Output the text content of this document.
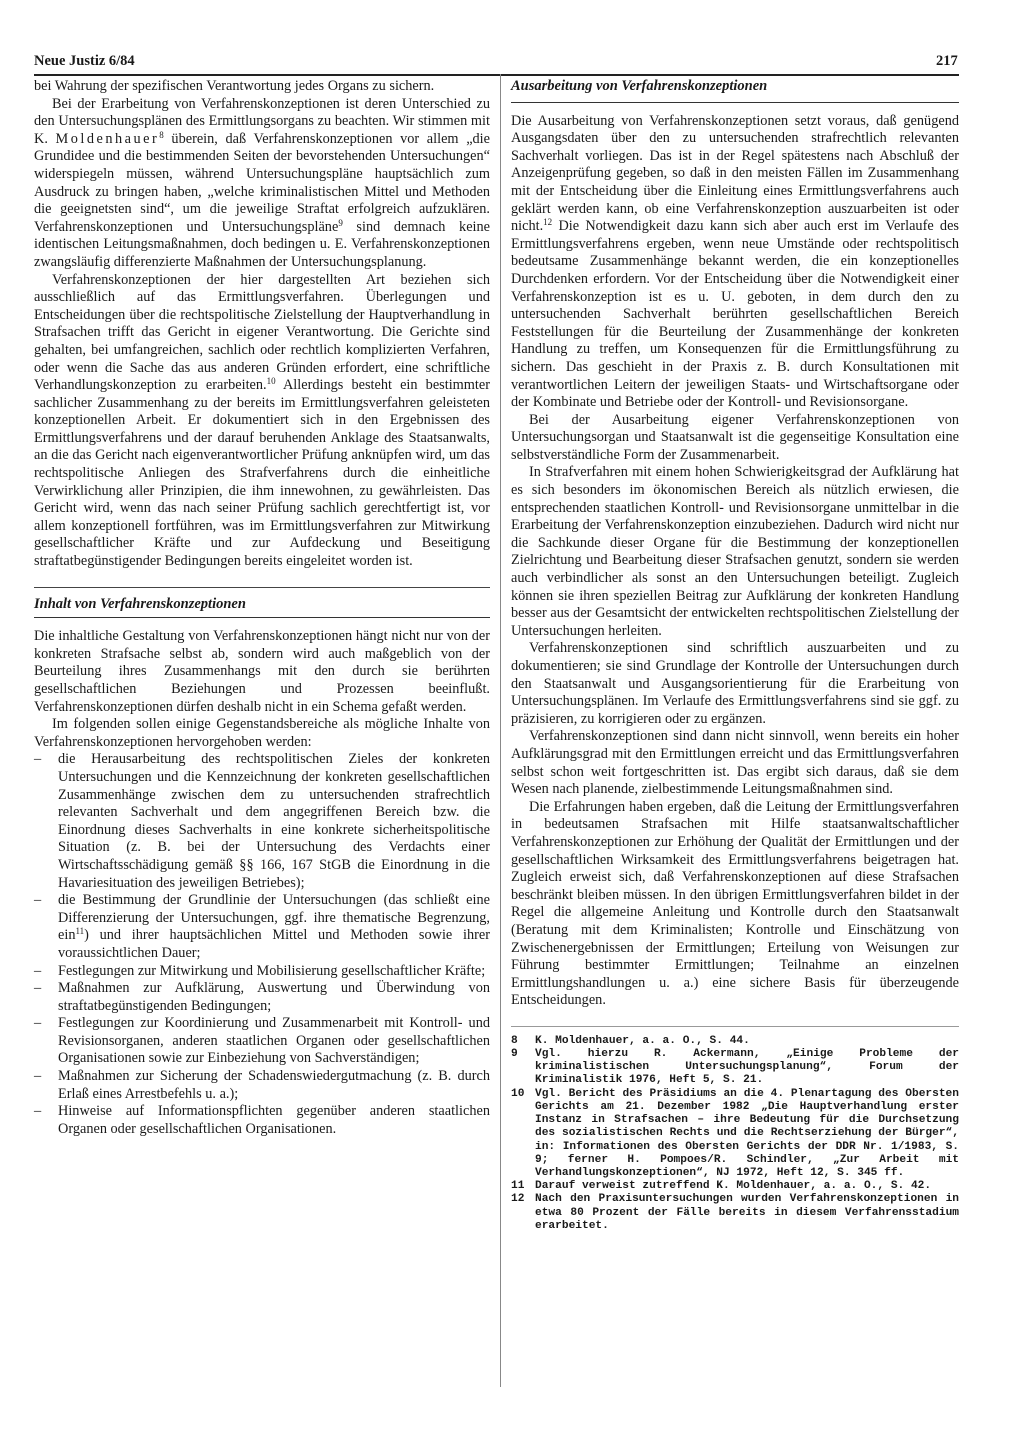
Neue Justiz 6/84	217

bei Wahrung der spezifischen Verantwortung jedes Organs zu sichern.

Bei der Erarbeitung von Verfahrenskonzeptionen ist deren Unterschied zu den Untersuchungsplänen des Ermittlungsorgans zu beachten. Wir stimmen mit K. Moldenhauer$^8$ überein, daß Verfahrenskonzeptionen vor allem „die Grundidee und die bestimmenden Seiten der bevorstehenden Untersuchungen“ widerspiegeln müssen, während Untersuchungspläne hauptsächlich zum Ausdruck zu bringen haben, „welche kriminalistischen Mittel und Methoden die geeignetsten sind“, um die jeweilige Straftat erfolgreich aufzuklären. Verfahrenskonzeptionen und Untersuchungspläne$^9$ sind demnach keine identischen Leitungsmaßnahmen, doch bedingen u. E. Verfahrenskonzeptionen zwangsläufig differenzierte Maßnahmen der Untersuchungsplanung.

Verfahrenskonzeptionen der hier dargestellten Art beziehen sich ausschließlich auf das Ermittlungsverfahren. Überlegungen und Entscheidungen über die rechtspolitische Zielstellung der Hauptverhandlung in Strafsachen trifft das Gericht in eigener Verantwortung. Die Gerichte sind gehalten, bei umfangreichen, sachlich oder rechtlich komplizierten Verfahren, oder wenn die Sache das aus anderen Gründen erfordert, eine schriftliche Verhandlungskonzeption zu erarbeiten.$^{10}$ Allerdings besteht ein bestimmter sachlicher Zusammenhang zu der bereits im Ermittlungsverfahren geleisteten konzeptionellen Arbeit. Er dokumentiert sich in den Ergebnissen des Ermittlungsverfahrens und der darauf beruhenden Anklage des Staatsanwalts, an die das Gericht nach eigenverantwortlicher Prüfung anknüpfen wird, um das rechtspolitische Anliegen des Strafverfahrens durch die einheitliche Verwirklichung aller Prinzipien, die ihm innewohnen, zu gewährleisten. Das Gericht wird, wenn das nach seiner Prüfung sachlich gerechtfertigt ist, vor allem konzeptionell fortführen, was im Ermittlungsverfahren zur Mitwirkung gesellschaftlicher Kräfte und zur Aufdeckung und Beseitigung straftatbegünstigender Bedingungen bereits eingeleitet worden ist.

Inhalt von Verfahrenskonzeptionen

Die inhaltliche Gestaltung von Verfahrenskonzeptionen hängt nicht nur von der konkreten Strafsache selbst ab, sondern wird auch maßgeblich von der Beurteilung ihres Zusammenhangs mit den durch sie berührten gesellschaftlichen Beziehungen und Prozessen beeinflußt. Verfahrenskonzeptionen dürfen deshalb nicht in ein Schema gefaßt werden.

Im folgenden sollen einige Gegenstandsbereiche als mögliche Inhalte von Verfahrenskonzeptionen hervorgehoben werden:

– die Herausarbeitung des rechtspolitischen Zieles der konkreten Untersuchungen und die Kennzeichnung der konkreten gesellschaftlichen Zusammenhänge zwischen dem zu untersuchenden strafrechtlich relevanten Sachverhalt und dem angegriffenen Bereich bzw. die Einordnung dieses Sachverhalts in eine konkrete sicherheitspolitische Situation (z. B. bei der Untersuchung des Verdachts einer Wirtschaftsschädigung gemäß §§ 166, 167 StGB die Einordnung in die Havariesituation des jeweiligen Betriebes);
– die Bestimmung der Grundlinie der Untersuchungen (das schließt eine Differenzierung der Untersuchungen, ggf. ihre thematische Begrenzung, ein$^{11}$) und ihrer hauptsächlichen Mittel und Methoden sowie ihrer voraussichtlichen Dauer;
– Festlegungen zur Mitwirkung und Mobilisierung gesellschaftlicher Kräfte;
– Maßnahmen zur Aufklärung, Auswertung und Überwindung von straftatbegünstigenden Bedingungen;
– Festlegungen zur Koordinierung und Zusammenarbeit mit Kontroll- und Revisionsorganen, anderen staatlichen Organen oder gesellschaftlichen Organisationen sowie zur Einbeziehung von Sachverständigen;
– Maßnahmen zur Sicherung der Schadenswiedergutmachung (z. B. durch Erlaß eines Arrestbefehls u. a.);
– Hinweise auf Informationspflichten gegenüber anderen staatlichen Organen oder gesellschaftlichen Organisationen.
Ausarbeitung von Verfahrenskonzeptionen

Die Ausarbeitung von Verfahrenskonzeptionen setzt voraus, daß genügend Ausgangsdaten über den zu untersuchenden strafrechtlich relevanten Sachverhalt vorliegen. Das ist in der Regel spätestens nach Abschluß der Anzeigenprüfung gegeben, so daß in den meisten Fällen im Zusammenhang mit der Entscheidung über die Einleitung eines Ermittlungsverfahrens auch geklärt werden kann, ob eine Verfahrenskonzeption auszuarbeiten ist oder nicht.$^{12}$ Die Notwendigkeit dazu kann sich aber auch erst im Verlaufe des Ermittlungsverfahrens ergeben, wenn neue Umstände oder rechtspolitisch bedeutsame Zusammenhänge bekannt werden, die ein konzeptionelles Durchdenken erfordern. Vor der Entscheidung über die Notwendigkeit einer Verfahrenskonzeption ist es u. U. geboten, in dem durch den zu untersuchenden Sachverhalt berührten gesellschaftlichen Bereich Feststellungen für die Beurteilung der Zusammenhänge der konkreten Handlung zu treffen, um Konsequenzen für die Ermittlungsführung zu sichern. Das geschieht in der Praxis z. B. durch Konsultationen mit verantwortlichen Leitern der jeweiligen Staats- und Wirtschaftsorgane oder der Kombinate und Betriebe oder der Kontroll- und Revisionsorgane.

Bei der Ausarbeitung eigener Verfahrenskonzeptionen von Untersuchungsorgan und Staatsanwalt ist die gegenseitige Konsultation eine selbstverständliche Form der Zusammenarbeit.

In Strafverfahren mit einem hohen Schwierigkeitsgrad der Aufklärung hat es sich besonders im ökonomischen Bereich als nützlich erwiesen, die entsprechenden staatlichen Kontroll- und Revisionsorgane unmittelbar in die Erarbeitung der Verfahrenskonzeption einzubeziehen. Dadurch wird nicht nur die Sachkunde dieser Organe für die Bestimmung der konzeptionellen Zielrichtung und Bearbeitung dieser Strafsachen genutzt, sondern sie werden auch verbindlicher als sonst an den Untersuchungen beteiligt. Zugleich können sie ihren speziellen Beitrag zur Aufklärung der konkreten Handlung besser aus der Gesamtsicht der entwickelten rechtspolitischen Zielstellung der Untersuchungen herleiten.

Verfahrenskonzeptionen sind schriftlich auszuarbeiten und zu dokumentieren; sie sind Grundlage der Kontrolle der Untersuchungen durch den Staatsanwalt und Ausgangsorientierung für die Erarbeitung von Untersuchungsplänen. Im Verlaufe des Ermittlungsverfahrens sind sie ggf. zu präzisieren, zu korrigieren oder zu ergänzen.

Verfahrenskonzeptionen sind dann nicht sinnvoll, wenn bereits ein hoher Aufklärungsgrad mit den Ermittlungen erreicht und das Ermittlungsverfahren selbst schon weit fortgeschritten ist. Das ergibt sich daraus, daß sie dem Wesen nach planende, zielbestimmende Leitungsmaßnahmen sind.

Die Erfahrungen haben ergeben, daß die Leitung der Ermittlungsverfahren in bedeutsamen Strafsachen mit Hilfe staatsanwaltschaftlicher Verfahrenskonzeptionen zur Erhöhung der Qualität der Ermittlungen und der gesellschaftlichen Wirksamkeit des Ermittlungsverfahrens beigetragen hat. Zugleich erweist sich, daß Verfahrenskonzeptionen auf diese Strafsachen beschränkt bleiben müssen. In den übrigen Ermittlungsverfahren bildet in der Regel die allgemeine Anleitung und Kontrolle durch den Staatsanwalt (Beratung mit dem Kriminalisten; Kontrolle und Einschätzung von Zwischenergebnissen der Ermittlungen; Erteilung von Weisungen zur Führung bestimmter Ermittlungen; Teilnahme an einzelnen Ermittlungshandlungen u. a.) eine sichere Basis für überzeugende Entscheidungen.

8	K. Moldenhauer, a. a. O., S. 44.
9	Vgl. hierzu R. Ackermann, „Einige Probleme der kriminalistischen Untersuchungsplanung“, Forum der Kriminalistik 1976, Heft 5, S. 21.
10 Vgl. Bericht des Präsidiums an die 4. Plenartagung des Obersten Gerichts am 21. Dezember 1982 „Die Hauptverhandlung erster Instanz in Strafsachen – ihre Bedeutung für die Durchsetzung des sozialistischen Rechts und die Rechtserziehung der Bürger“, in: Informationen des Obersten Gerichts der DDR Nr. 1/1983, S. 9; ferner H. Pompoes/R. Schindler, „Zur Arbeit mit Verhandlungskonzeptionen“, NJ 1972, Heft 12, S. 345 ff.
11 Darauf verweist zutreffend K. Moldenhauer, a. a. O., S. 42.
12 Nach den Praxisuntersuchungen wurden Verfahrenskonzeptionen in etwa 80 Prozent der Fälle bereits in diesem Verfahrensstadium erarbeitet.
